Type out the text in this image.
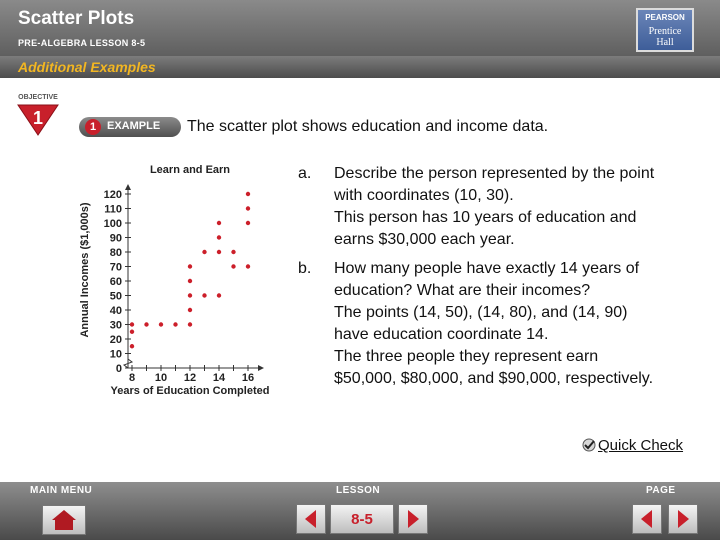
Scatter Plots
PRE-ALGEBRA LESSON 8-5
PEARSON
Prentice
Hall
Additional Examples
OBJECTIVE
1	1 EXAMPLE The scatter plot shows education and income data.
Learn and Earn
Annual Incomes ($1,000s)
Years of Education Completed
0
10
20
30
40
50
60
70
80
90
100
110
120
8 10 12 14 16
a. Describe the person represented by the point
with coordinates (10, 30).
This person has 10 years of education and
earns $30,000 each year.
b. How many people have exactly 14 years of
education? What are their incomes?
The points (14, 50), (14, 80), and (14, 90)
have education coordinate 14.
The three people they represent earn
$50,000, $80,000, and $90,000, respectively.
Quick Check
MAIN MENU	LESSON	PAGE
8-5
